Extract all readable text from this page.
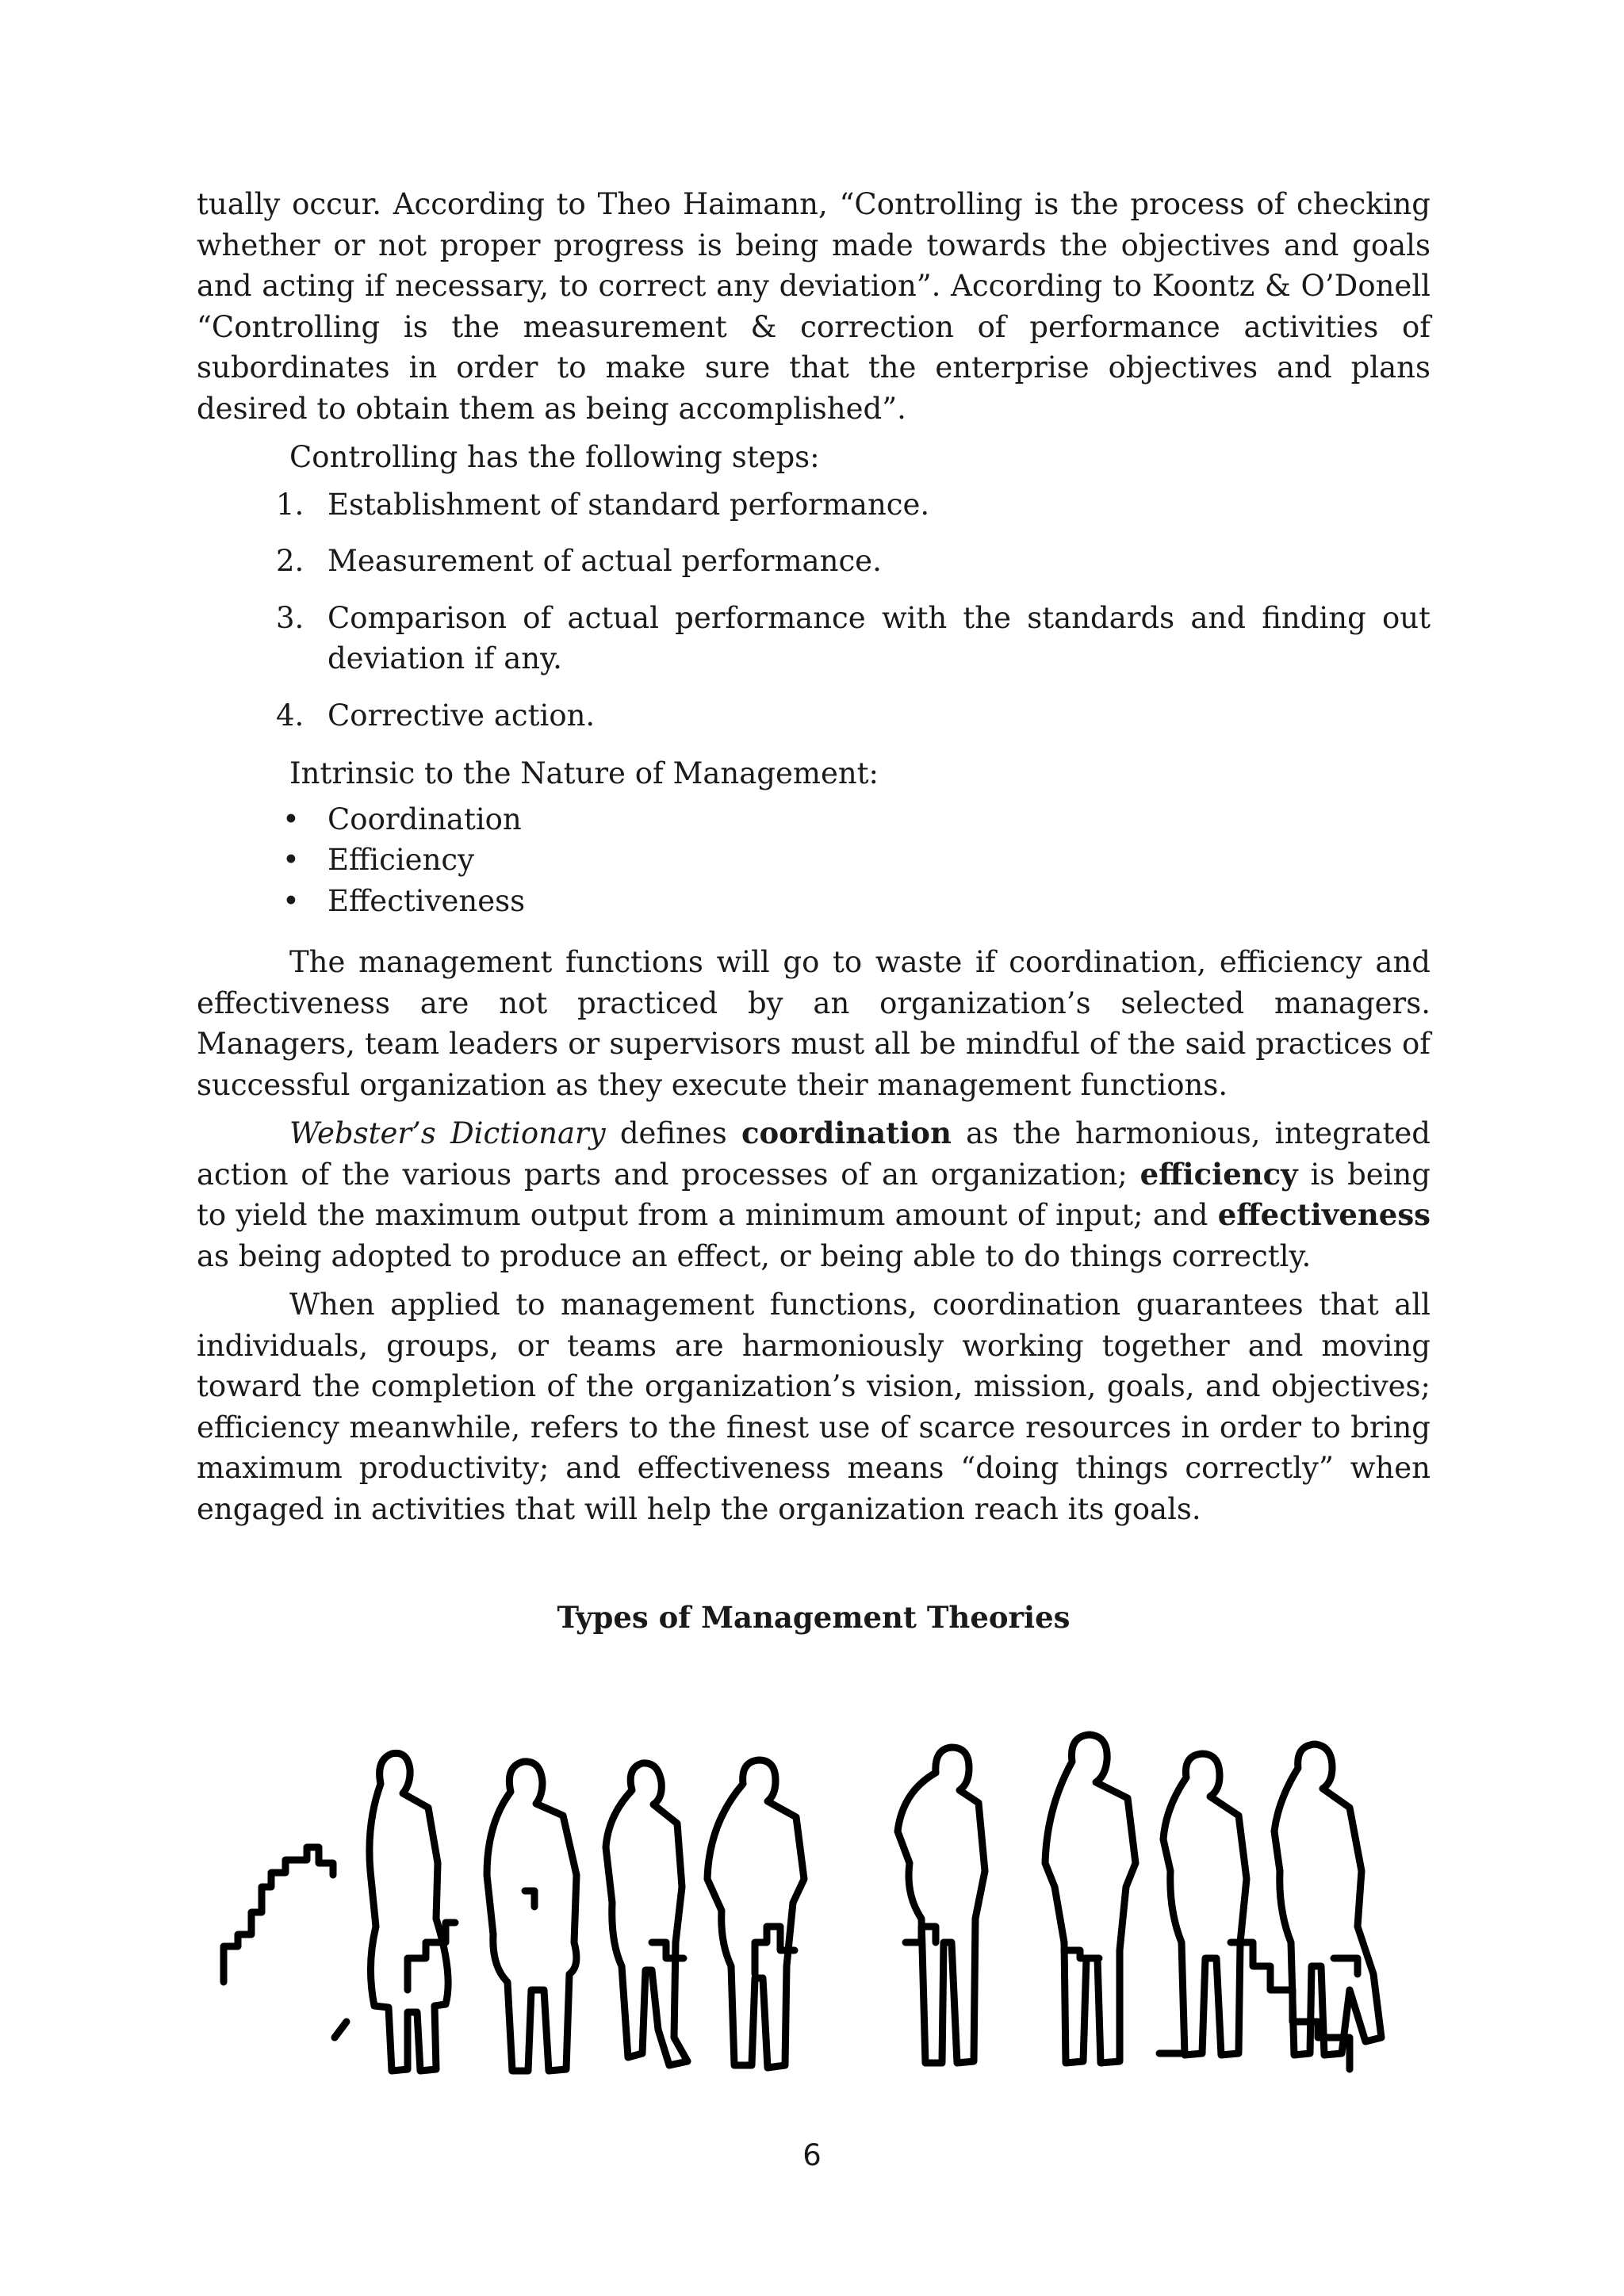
tually occur. According to Theo Haimann, “Controlling is the process of checking whether or not proper progress is being made towards the objectives and goals and acting if necessary, to correct any deviation”. According to Koontz & O’Donell “Controlling is the measurement & correction of performance activities of subordinates in order to make sure that the enterprise objectives and plans desired to obtain them as being accomplished”.

Controlling has the following steps:

1. Establishment of standard performance.
2. Measurement of actual performance.
3. Comparison of actual performance with the standards and finding out deviation if any.
4. Corrective action.

Intrinsic to the Nature of Management:

• Coordination
• Efficiency
• Effectiveness

The management functions will go to waste if coordination, efficiency and effectiveness are not practiced by an organization’s selected managers. Managers, team leaders or supervisors must all be mindful of the said practices of successful organization as they execute their management functions.

Webster’s Dictionary defines coordination as the harmonious, integrated action of the various parts and processes of an organization; efficiency is being to yield the maximum output from a minimum amount of input; and effectiveness as being adopted to produce an effect, or being able to do things correctly.

When applied to management functions, coordination guarantees that all individuals, groups, or teams are harmoniously working together and moving toward the completion of the organization’s vision, mission, goals, and objectives; efficiency meanwhile, refers to the finest use of scarce resources in order to bring maximum productivity; and effectiveness means “doing things correctly” when engaged in activities that will help the organization reach its goals.

Types of Management Theories
6
